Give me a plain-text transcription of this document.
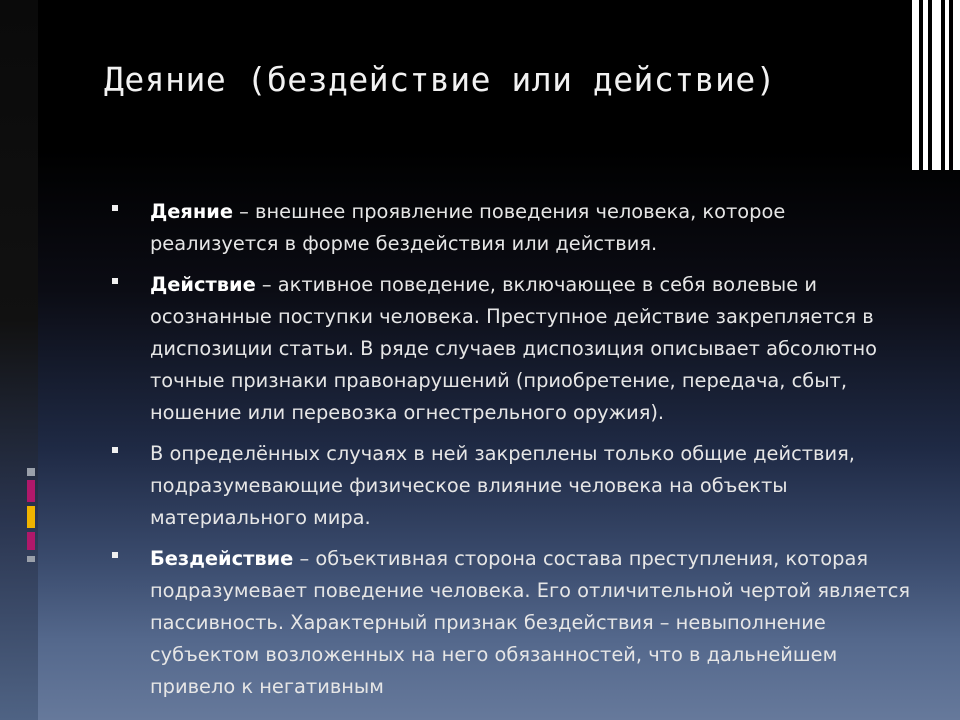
Деяние (бездействие или действие)
Деяние – внешнее проявление поведения человека, которое реализуется в форме бездействия или действия.
Действие – активное поведение, включающее в себя волевые и осознанные поступки человека. Преступное действие закрепляется в диспозиции статьи. В ряде случаев диспозиция описывает абсолютно точные признаки правонарушений (приобретение, передача, сбыт, ношение или перевозка огнестрельного оружия).
В определённых случаях в ней закреплены только общие действия, подразумевающие физическое влияние человека на объекты материального мира.
Бездействие – объективная сторона состава преступления, которая подразумевает поведение человека. Его отличительной чертой является пассивность. Характерный признак бездействия – невыполнение субъектом возложенных на него обязанностей, что в дальнейшем привело к негативным
